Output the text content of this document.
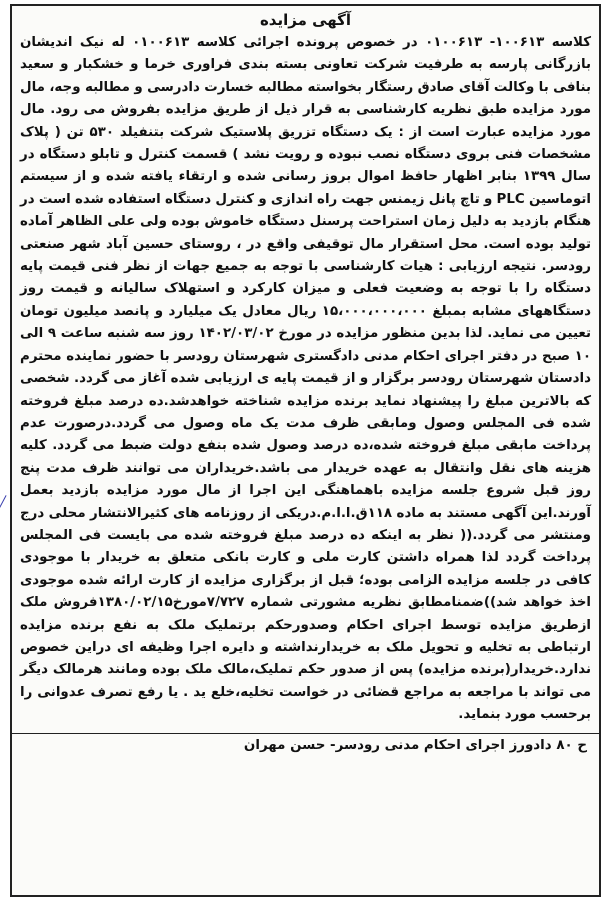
آگهی مزایده

کلاسه ۱۰۰۶۱۳- ۰۱۰۰۶۱۳ در خصوص پرونده اجرائی کلاسه ۰۱۰۰۶۱۳ له نیک اندیشان بازرگانی پارسه به طرفیت شرکت تعاونی بسته بندی فراوری خرما و خشکبار و سعید بنافی با وکالت آقای صادق رستگار بخواسته مطالبه خسارت دادرسی و مطالبه وجه، مال مورد مزایده طبق نظریه کارشناسی به قرار ذیل از طریق مزایده بفروش می رود. مال مورد مزایده عبارت است از : یک دستگاه تزریق پلاستیک شرکت بتنفیلد ۵۳۰ تن ( پلاک مشخصات فنی بروی دستگاه نصب نبوده و رویت نشد ) قسمت کنترل و تابلو دستگاه در سال ۱۳۹۹ بنابر اظهار حافظ اموال بروز رسانی شده و ارتقاء یافته شده و از سیستم اتوماسین PLC و تاچ پانل زیمنس جهت راه اندازی و کنترل دستگاه استفاده شده است در هنگام بازدید به دلیل زمان استراحت پرسنل دستگاه خاموش بوده ولی علی الظاهر آماده تولید بوده است. محل استقرار مال توقیفی واقع در ، روستای حسین آباد شهر صنعتی رودسر. نتیجه ارزیابی : هیات کارشناسی با توجه به جمیع جهات از نظر فنی قیمت پایه دستگاه را با توجه به وضعیت فعلی و میزان کارکرد و استهلاک سالیانه و قیمت روز دستگاههای مشابه بمبلغ ۱۵،۰۰۰،۰۰۰،۰۰۰ ریال معادل یک میلیارد و پانصد میلیون تومان تعیین می نماید. لذا بدین منظور مزایده در مورخ ۱۴۰۲/۰۳/۰۲ روز سه شنبه ساعت ۹ الی ۱۰ صبح در دفتر اجرای احکام مدنی دادگستری شهرستان رودسر با حضور نماینده محترم دادستان شهرستان رودسر برگزار و از قیمت پایه ی ارزیابی شده آغاز می گردد. شخصی که بالاترین مبلغ را پیشنهاد نماید برنده مزایده شناخته خواهدشد.ده درصد مبلغ فروخته شده فی المجلس وصول ومابقی ظرف مدت یک ماه وصول می گردد.درصورت عدم پرداخت مابقی مبلغ فروخته شده،ده درصد وصول شده بنفع دولت ضبط می گردد. کلیه هزینه های نقل وانتقال به عهده خریدار می باشد.خریداران می توانند ظرف مدت پنج روز قبل شروع جلسه مزایده باهماهنگی این اجرا از مال مورد مزایده بازدید بعمل آورند.این آگهی مستند به ماده ۱۱۸ق.ا.ا.م.دریکی از روزنامه های کثیرالانتشار محلی درج ومنتشر می گردد.(( نظر به اینکه ده درصد مبلغ فروخته شده می بایست فی المجلس پرداخت گردد لذا همراه داشتن کارت ملی و کارت بانکی متعلق به خریدار با موجودی کافی در جلسه مزایده الزامی بوده؛ قبل از برگزاری مزایده از کارت ارائه شده موجودی اخذ خواهد شد))ضمنامطابق نظریه مشورتی شماره ۷/۷۲۷مورخ۱۳۸۰/۰۲/۱۵فروش ملک ازطریق مزایده توسط اجرای احکام وصدورحکم برتملیک ملک به نفع برنده مزایده ارتباطی به تخلیه و تحویل ملک به خریدارنداشته و دایره اجرا وظیفه ای دراین خصوص ندارد.خریدار(برنده مزایده) پس از صدور حکم تملیک،مالک ملک بوده ومانند هرمالک دیگر می تواند با مراجعه به مراجع قضائی در خواست تخلیه،خلع ید . یا رفع تصرف عدوانی را برحسب مورد بنماید.

ح ۸۰ دادورز اجرای احکام مدنی رودسر- حسن مهران
